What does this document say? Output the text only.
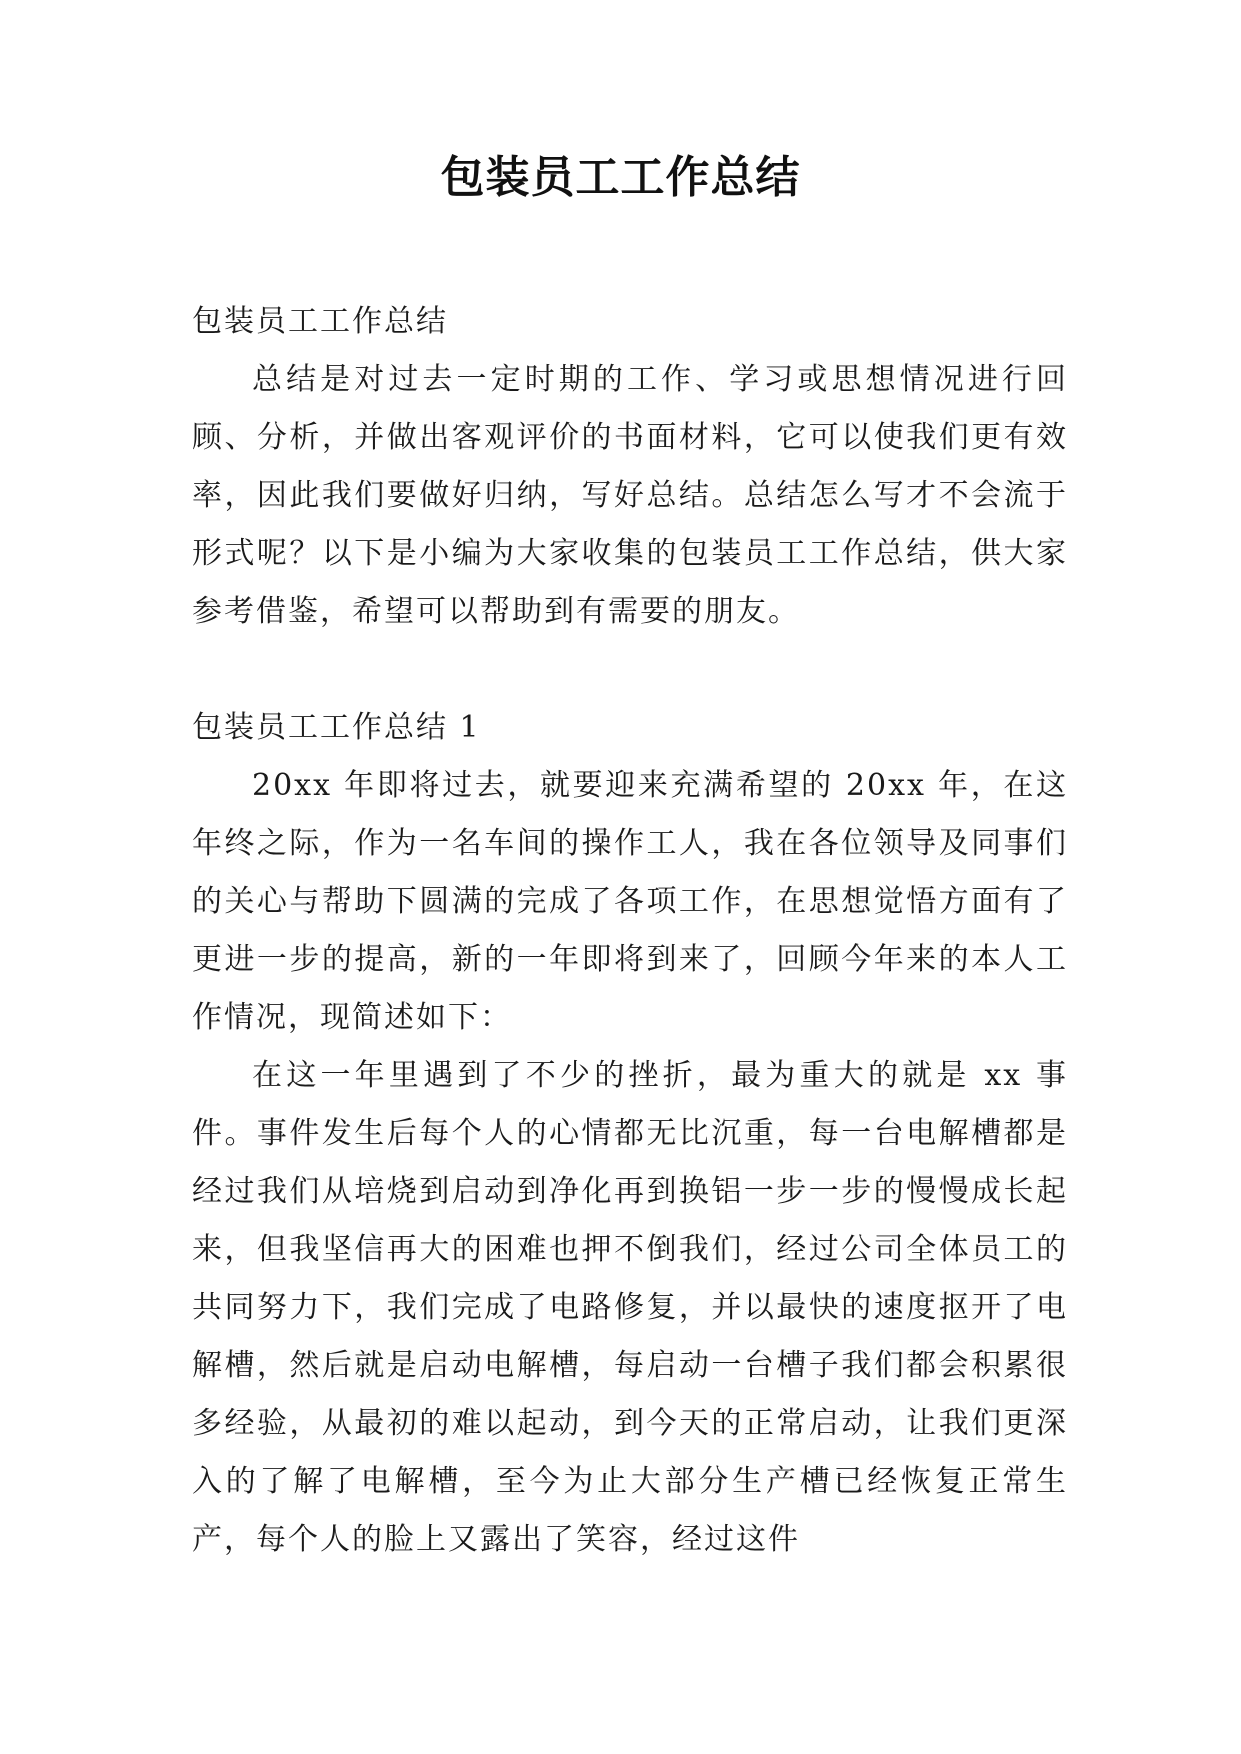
包装员工工作总结

包装员工工作总结

总结是对过去一定时期的工作、学习或思想情况进行回顾、分析，并做出客观评价的书面材料，它可以使我们更有效率，因此我们要做好归纳，写好总结。总结怎么写才不会流于形式呢？以下是小编为大家收集的包装员工工作总结，供大家参考借鉴，希望可以帮助到有需要的朋友。

包装员工工作总结 1

20xx 年即将过去，就要迎来充满希望的 20xx 年，在这年终之际，作为一名车间的操作工人，我在各位领导及同事们的关心与帮助下圆满的完成了各项工作，在思想觉悟方面有了更进一步的提高，新的一年即将到来了，回顾今年来的本人工作情况，现简述如下：

在这一年里遇到了不少的挫折，最为重大的就是 xx 事件。事件发生后每个人的心情都无比沉重，每一台电解槽都是经过我们从培烧到启动到净化再到换铝一步一步的慢慢成长起来，但我坚信再大的困难也押不倒我们，经过公司全体员工的共同努力下，我们完成了电路修复，并以最快的速度抠开了电解槽，然后就是启动电解槽，每启动一台槽子我们都会积累很多经验，从最初的难以起动，到今天的正常启动，让我们更深入的了解了电解槽，至今为止大部分生产槽已经恢复正常生产，每个人的脸上又露出了笑容，经过这件
